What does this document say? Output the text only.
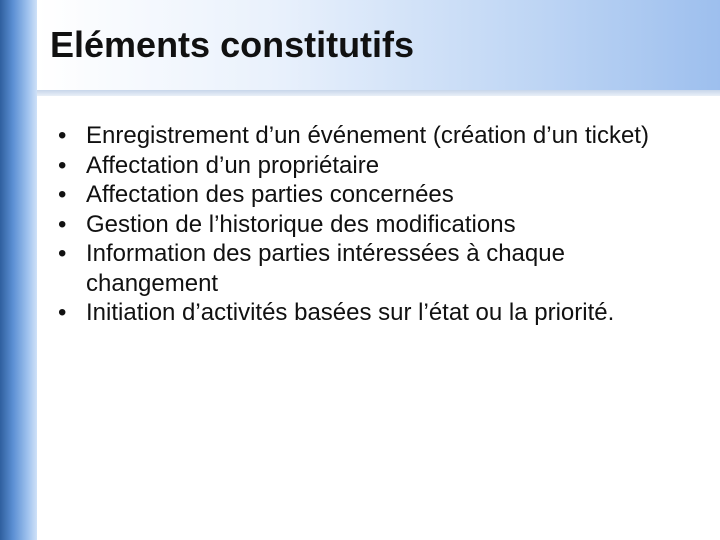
Eléments constitutifs
• Enregistrement d’un événement (création d’un ticket)
• Affectation d’un propriétaire
• Affectation des parties concernées
• Gestion de l’historique des modifications
• Information des parties intéressées à chaque changement
• Initiation d’activités basées sur l’état ou la priorité.
